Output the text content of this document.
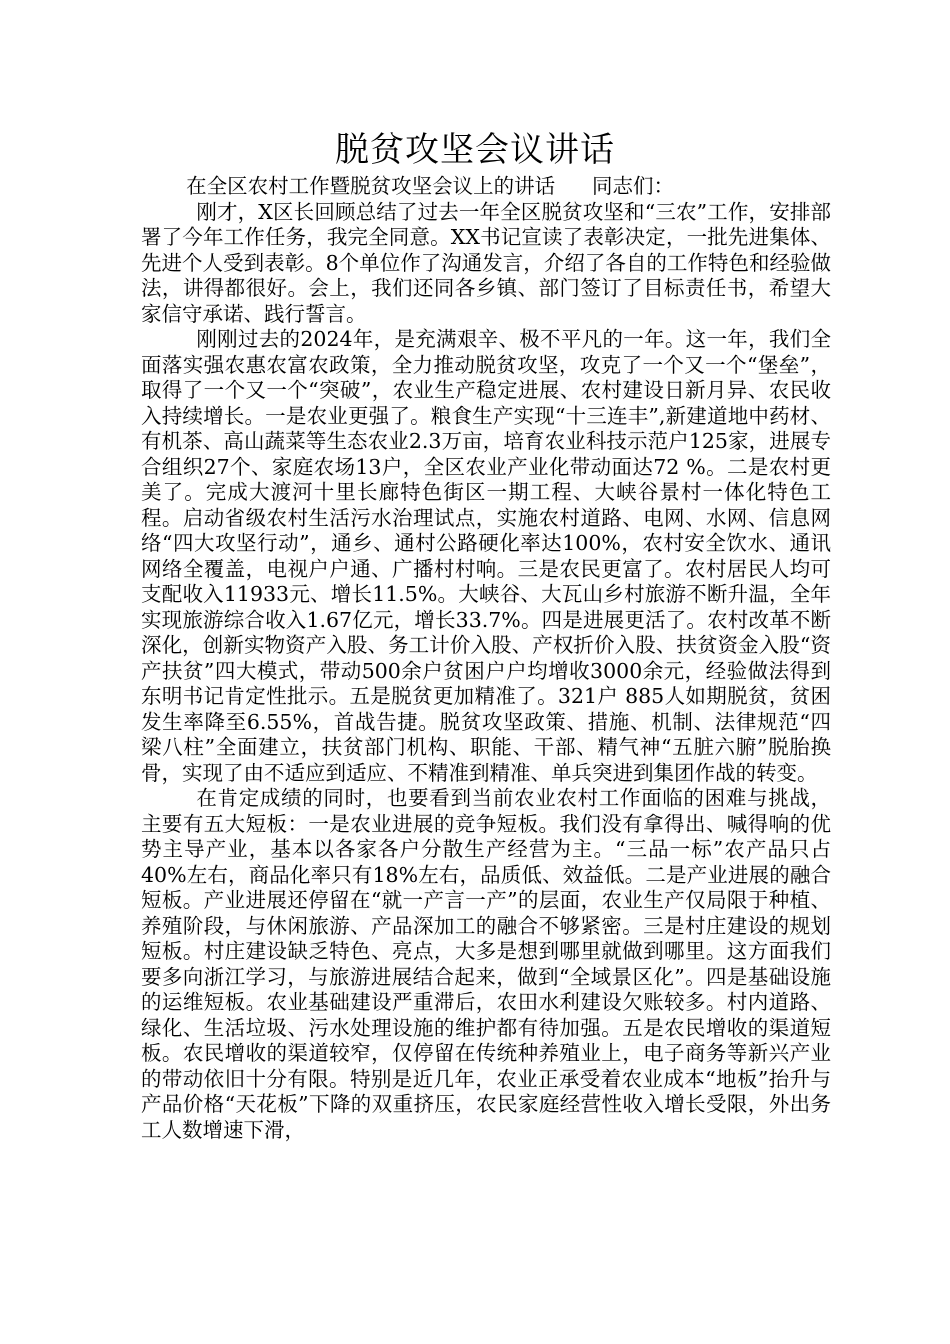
脱贫攻坚会议讲话

在全区农村工作暨脱贫攻坚会议上的讲话 同志们：

刚才，X区长回顾总结了过去一年全区脱贫攻坚和“三农”工作，安排部署了今年工作任务，我完全同意。XX书记宣读了表彰决定，一批先进集体、先进个人受到表彰。8个单位作了沟通发言，介绍了各自的工作特色和经验做法，讲得都很好。会上，我们还同各乡镇、部门签订了目标责任书，希望大家信守承诺、践行誓言。

刚刚过去的2024年，是充满艰辛、极不平凡的一年。这一年，我们全面落实强农惠农富农政策，全力推动脱贫攻坚，攻克了一个又一个“堡垒”，取得了一个又一个“突破”，农业生产稳定进展、农村建设日新月异、农民收入持续增长。一是农业更强了。粮食生产实现“十三连丰”,新建道地中药材、有机茶、高山蔬菜等生态农业2.3万亩，培育农业科技示范户125家，进展专合组织27个、家庭农场13户，全区农业产业化带动面达72 %。二是农村更美了。完成大渡河十里长廊特色街区一期工程、大峡谷景村一体化特色工程。启动省级农村生活污水治理试点，实施农村道路、电网、水网、信息网络“四大攻坚行动”，通乡、通村公路硬化率达100%，农村安全饮水、通讯网络全覆盖，电视户户通、广播村村响。三是农民更富了。农村居民人均可支配收入11933元、增长11.5%。大峡谷、大瓦山乡村旅游不断升温，全年实现旅游综合收入1.67亿元，增长33.7%。四是进展更活了。农村改革不断深化，创新实物资产入股、务工计价入股、产权折价入股、扶贫资金入股“资产扶贫”四大模式，带动500余户贫困户户均增收3000余元，经验做法得到东明书记肯定性批示。五是脱贫更加精准了。321户 885人如期脱贫，贫困发生率降至6.55%，首战告捷。脱贫攻坚政策、措施、机制、法律规范“四梁八柱”全面建立，扶贫部门机构、职能、干部、精气神“五脏六腑”脱胎换骨，实现了由不适应到适应、不精准到精准、单兵突进到集团作战的转变。

在肯定成绩的同时，也要看到当前农业农村工作面临的困难与挑战，主要有五大短板：一是农业进展的竞争短板。我们没有拿得出、喊得响的优势主导产业，基本以各家各户分散生产经营为主。“三品一标”农产品只占40%左右，商品化率只有18%左右，品质低、效益低。二是产业进展的融合短板。产业进展还停留在“就一产言一产”的层面，农业生产仅局限于种植、养殖阶段，与休闲旅游、产品深加工的融合不够紧密。三是村庄建设的规划短板。村庄建设缺乏特色、亮点，大多是想到哪里就做到哪里。这方面我们要多向浙江学习，与旅游进展结合起来，做到“全域景区化”。四是基础设施的运维短板。农业基础建设严重滞后，农田水利建设欠账较多。村内道路、绿化、生活垃圾、污水处理设施的维护都有待加强。五是农民增收的渠道短板。农民增收的渠道较窄，仅停留在传统种养殖业上，电子商务等新兴产业的带动依旧十分有限。特别是近几年，农业正承受着农业成本“地板”抬升与产品价格“天花板”下降的双重挤压，农民家庭经营性收入增长受限，外出务工人数增速下滑，
